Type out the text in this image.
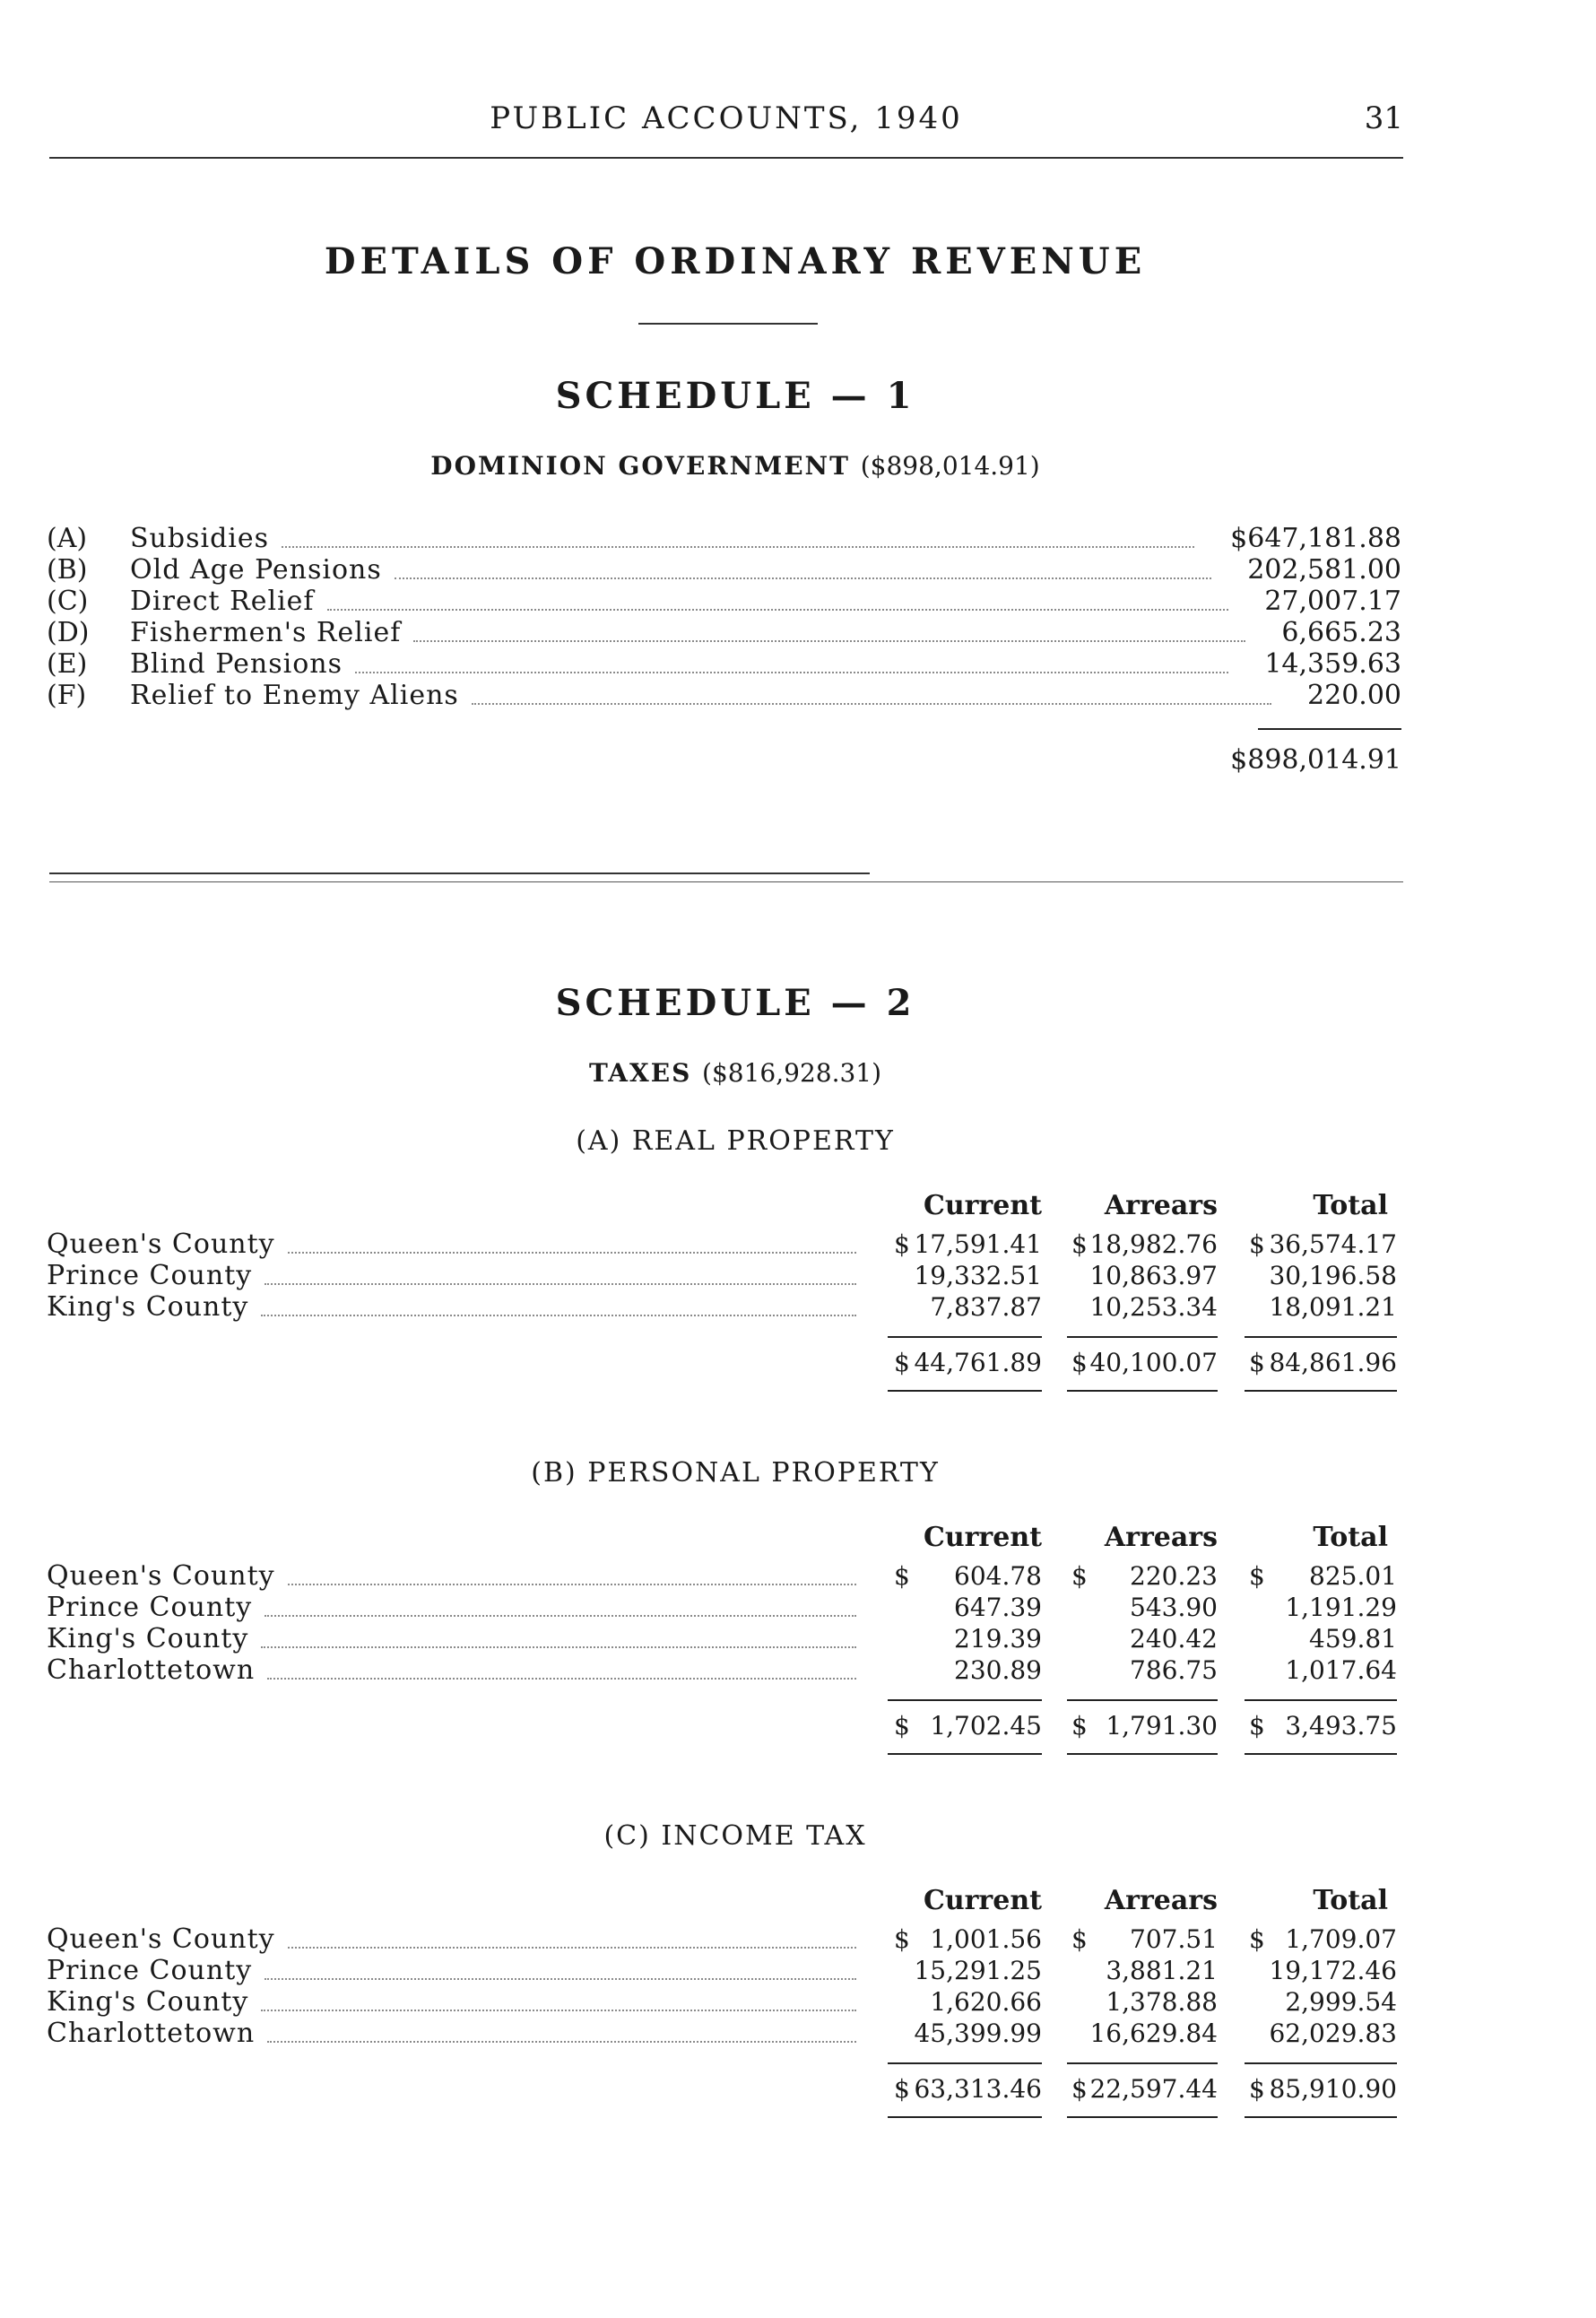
PUBLIC ACCOUNTS, 1940	31
DETAILS OF ORDINARY REVENUE
SCHEDULE — 1
DOMINION GOVERNMENT ($898,014.91)
(A) Subsidies	$647,181.88
(B) Old Age Pensions	202,581.00
(C) Direct Relief	27,007.17
(D) Fishermen's Relief	6,665.23
(E) Blind Pensions	14,359.63
(F) Relief to Enemy Aliens	220.00
$898,014.91
SCHEDULE — 2
TAXES ($816,928.31)
(A) REAL PROPERTY
Current Arrears	Total
Queen's County	$ 17,591.41 $ 18,982.76 $ 36,574.17
Prince County	19,332.51 10,863.97 30,196.58
King's County	7,837.87 10,253.34 18,091.21
$ 44,761.89 $ 40,100.07 $ 84,861.96
(B) PERSONAL PROPERTY
Current Arrears	Total
Queen's County	$ 604.78 $ 220.23 $ 825.01
Prince County	647.39	543.90	1,191.29
King's County	219.39	240.42	459.81
Charlottetown	230.89	786.75	1,017.64
$ 1,702.45 $ 1,791.30 $ 3,493.75
(C) INCOME TAX
Current Arrears	Total
Queen's County	$ 1,001.56 $ 707.51 $ 1,709.07
Prince County	15,291.25	3,881.21 19,172.46
King's County	1,620.66	1,378.88	2,999.54
Charlottetown	45,399.99 16,629.84 62,029.83
$ 63,313.46 $ 22,597.44 $ 85,910.90
